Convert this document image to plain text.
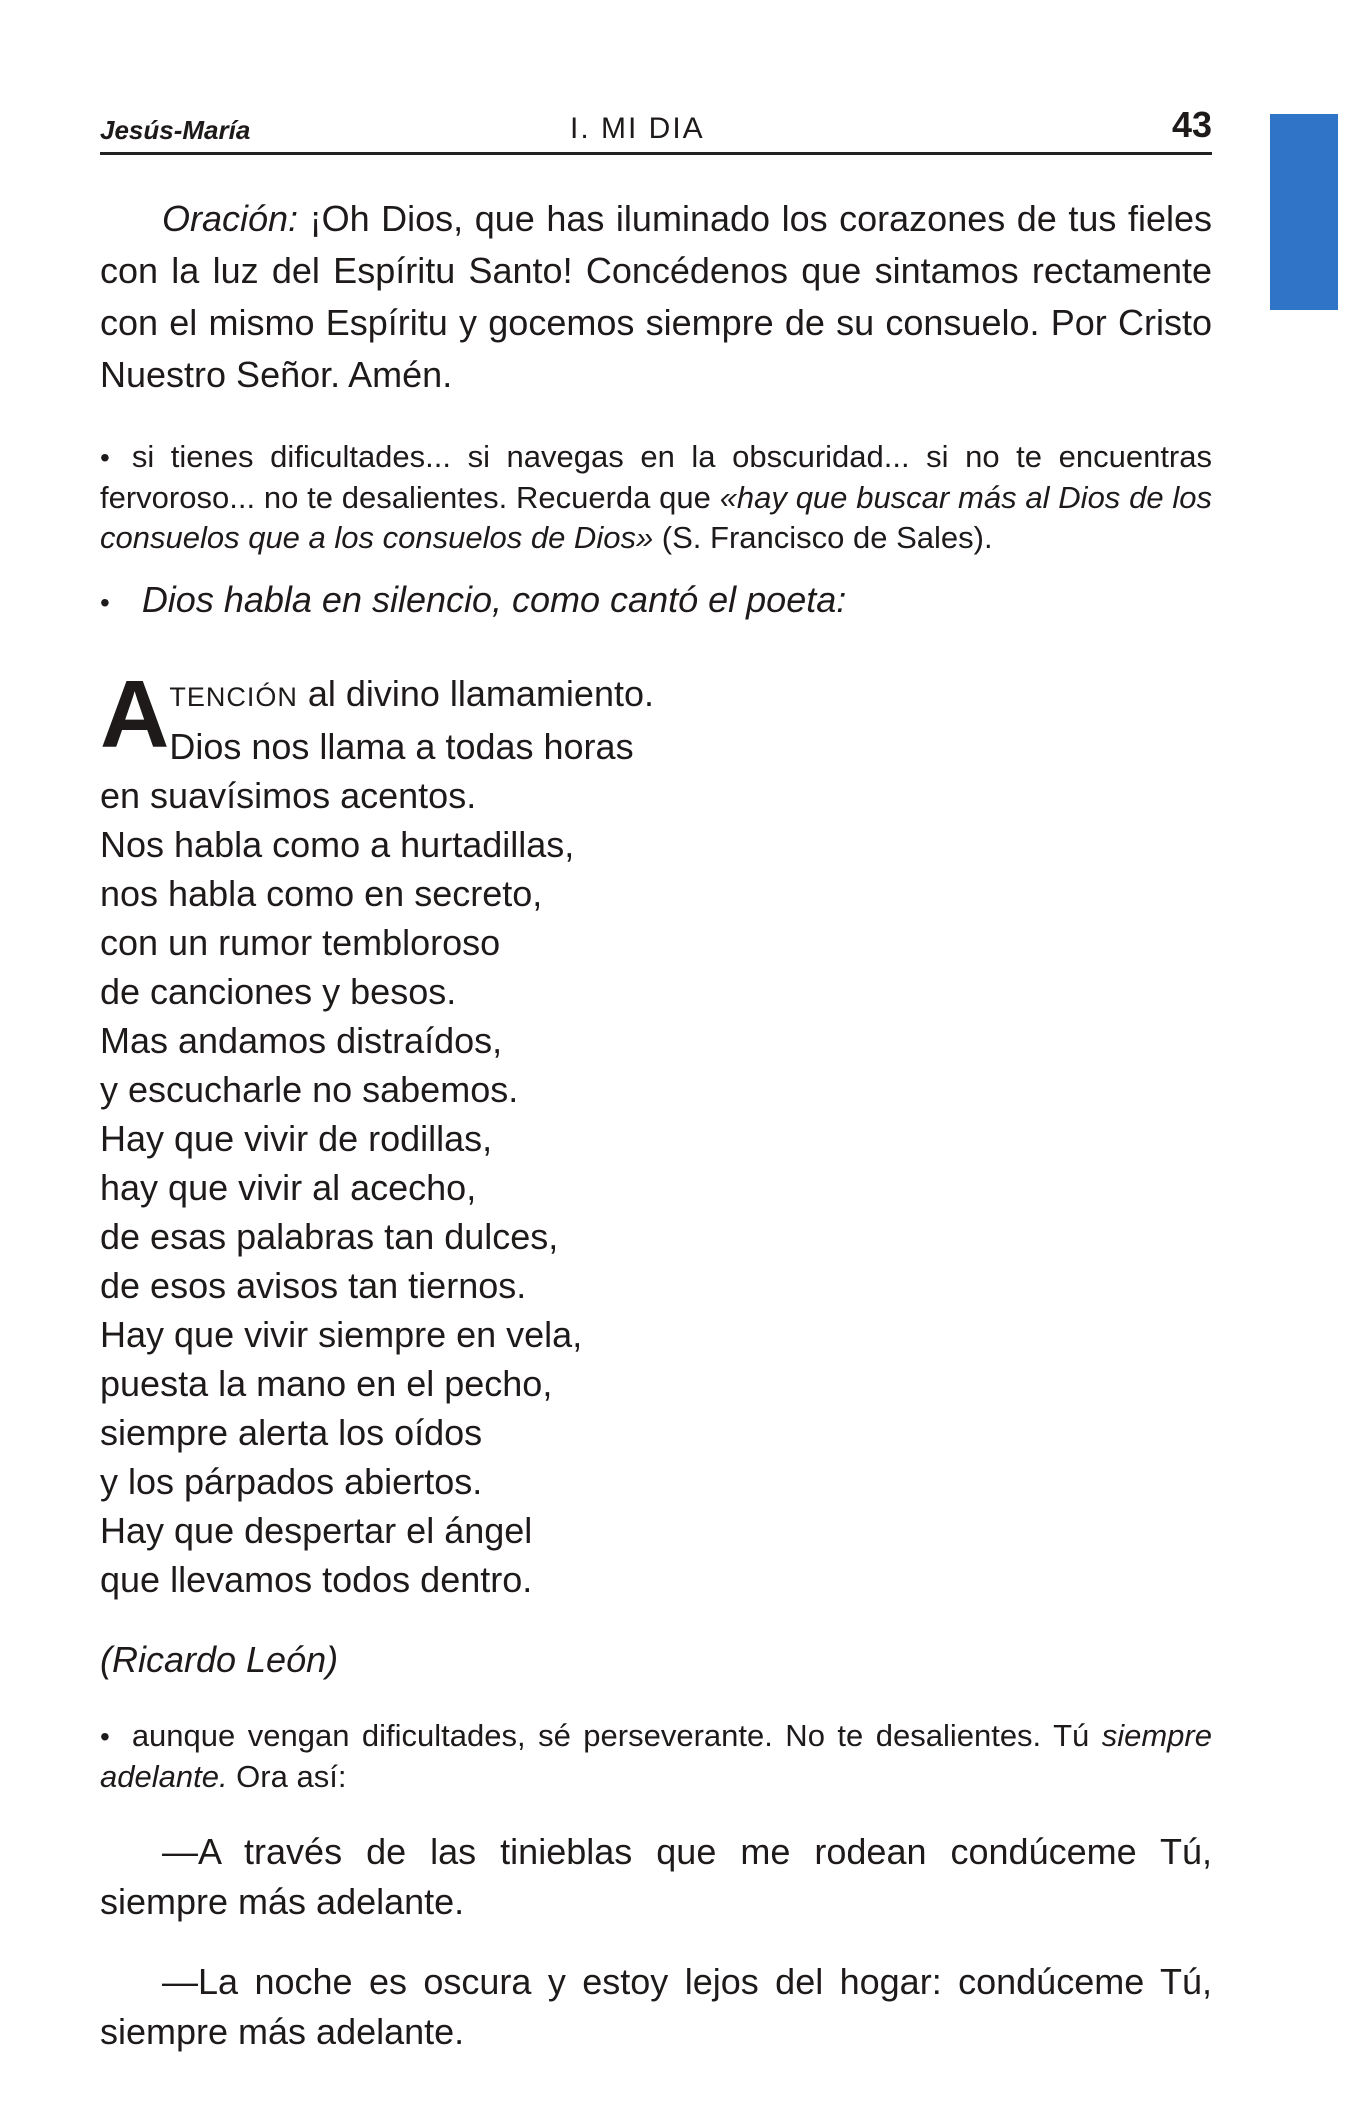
Jesús-María	I. MI DIA	43

Oración: ¡Oh Dios, que has iluminado los corazones de tus fieles con la luz del Espíritu Santo! Concédenos que sintamos rectamente con el mismo Espíritu y gocemos siempre de su consuelo. Por Cristo Nuestro Señor. Amén.

• si tienes dificultades... si navegas en la obscuridad... si no te encuentras fervoroso... no te desalientes. Recuerda que «hay que buscar más al Dios de los consuelos que a los consuelos de Dios» (S. Francisco de Sales).

• Dios habla en silencio, como cantó el poeta:

ATENCIÓN al divino llamamiento.
Dios nos llama a todas horas
en suavísimos acentos.
Nos habla como a hurtadillas,
nos habla como en secreto,
con un rumor tembloroso
de canciones y besos.
Mas andamos distraídos,
y escucharle no sabemos.
Hay que vivir de rodillas,
hay que vivir al acecho,
de esas palabras tan dulces,
de esos avisos tan tiernos.
Hay que vivir siempre en vela,
puesta la mano en el pecho,
siempre alerta los oídos
y los párpados abiertos.
Hay que despertar el ángel
que llevamos todos dentro.
(Ricardo León)

• aunque vengan dificultades, sé perseverante. No te desalientes. Tú siempre adelante. Ora así:

—A través de las tinieblas que me rodean condúceme Tú, siempre más adelante.

—La noche es oscura y estoy lejos del hogar: condúceme Tú, siempre más adelante.
